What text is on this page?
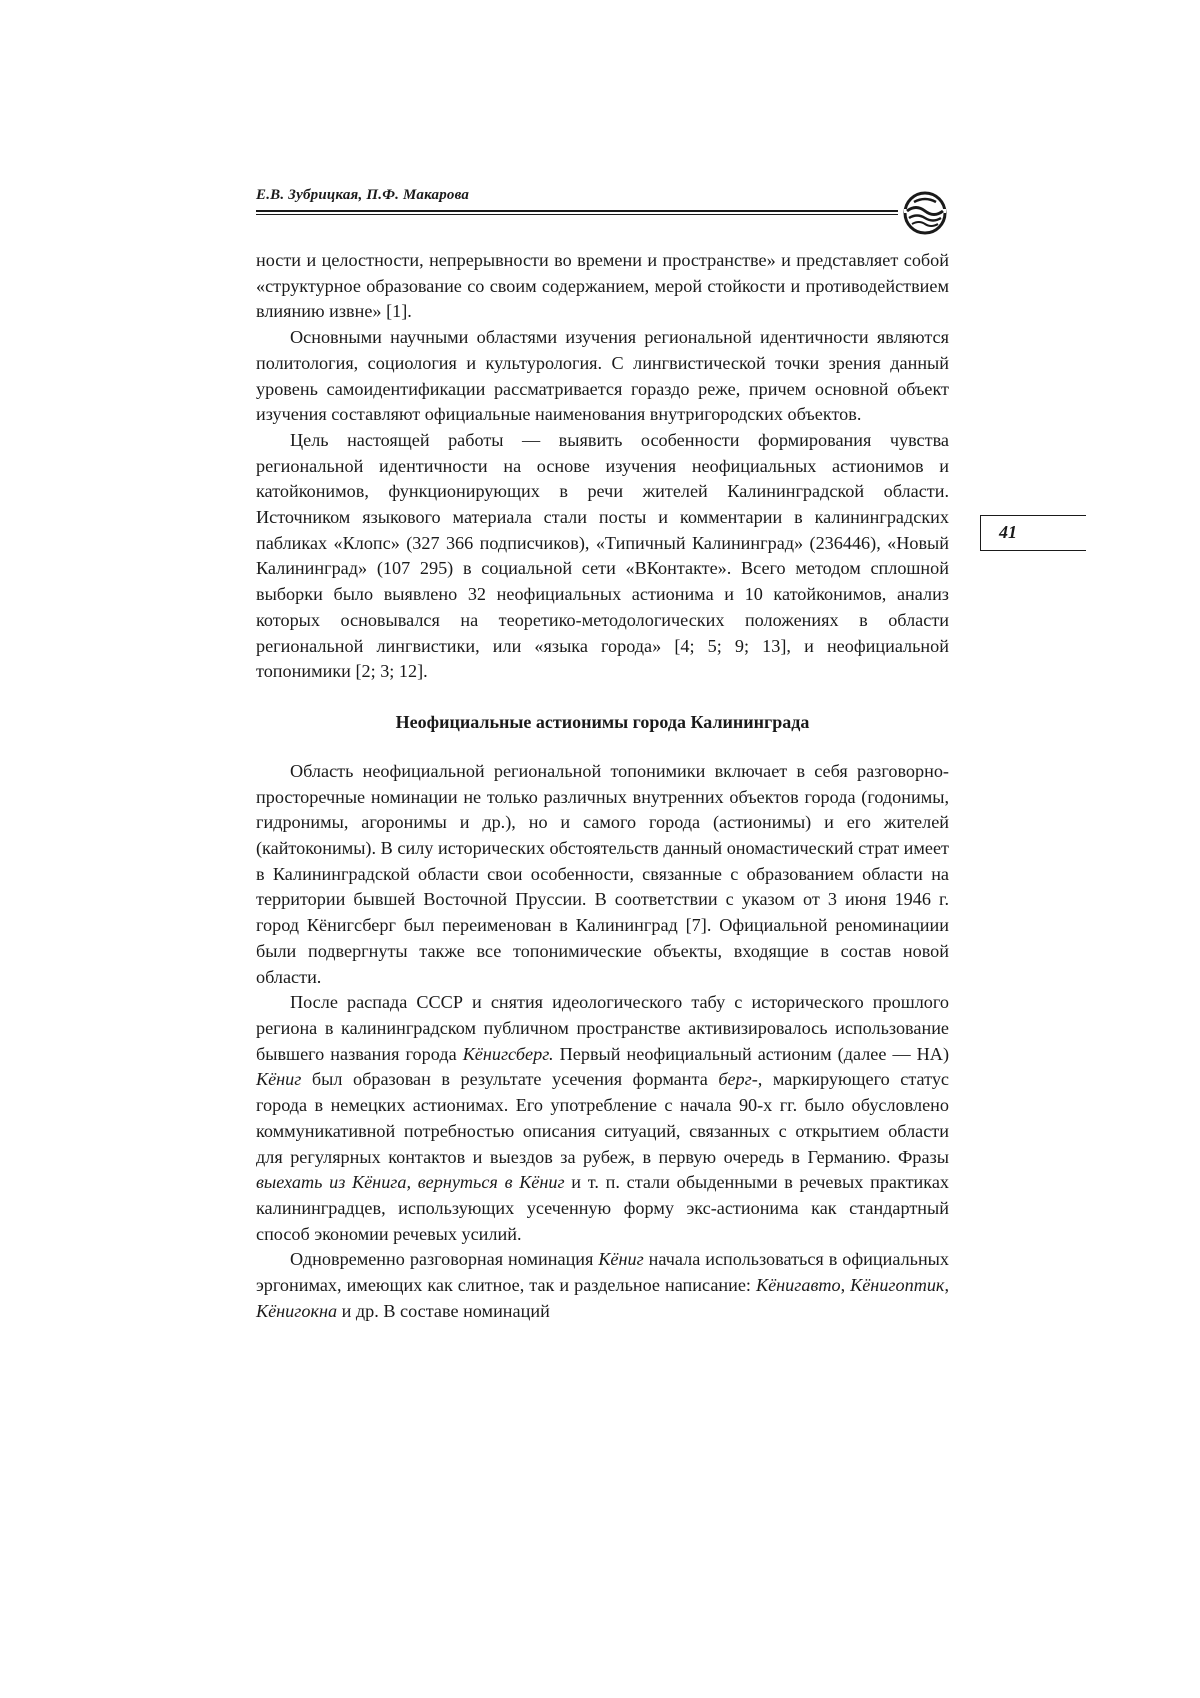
Е.В. Зубрицкая, П.Ф. Макарова
41

ности и целостности, непрерывности во времени и пространстве» и представляет собой «структурное образование со своим содержанием, мерой стойкости и противодействием влиянию извне» [1].

Основными научными областями изучения региональной идентичности являются политология, социология и культурология. С лингвистической точки зрения данный уровень самоидентификации рассматривается гораздо реже, причем основной объект изучения составляют официальные наименования внутригородских объектов.

Цель настоящей работы — выявить особенности формирования чувства региональной идентичности на основе изучения неофициальных астионимов и катойконимов, функционирующих в речи жителей Калининградской области. Источником языкового материала стали посты и комментарии в калининградских пабликах «Клопс» (327 366 подписчиков), «Типичный Калининград» (236446), «Новый Калининград» (107 295) в социальной сети «ВКонтакте». Всего методом сплошной выборки было выявлено 32 неофициальных астионима и 10 катойконимов, анализ которых основывался на теоретико-методологических положениях в области региональной лингвистики, или «языка города» [4; 5; 9; 13], и неофициальной топонимики [2; 3; 12].

Неофициальные астионимы города Калининграда

Область неофициальной региональной топонимики включает в себя разговорно-просторечные номинации не только различных внутренних объектов города (годонимы, гидронимы, агоронимы и др.), но и самого города (астионимы) и его жителей (кайтоконимы). В силу исторических обстоятельств данный ономастический страт имеет в Калининградской области свои особенности, связанные с образованием области на территории бывшей Восточной Пруссии. В соответствии с указом от 3 июня 1946 г. город Кёнигсберг был переименован в Калининград [7]. Официальной реноминациии были подвергнуты также все топонимические объекты, входящие в состав новой области.

После распада СССР и снятия идеологического табу с исторического прошлого региона в калининградском публичном пространстве активизировалось использование бывшего названия города Кёнигсберг. Первый неофициальный астионим (далее — НА) Кёниг был образован в результате усечения форманта берг-, маркирующего статус города в немецких астионимах. Его употребление с начала 90-х гг. было обусловлено коммуникативной потребностью описания ситуаций, связанных с открытием области для регулярных контактов и выездов за рубеж, в первую очередь в Германию. Фразы выехать из Кёнига, вернуться в Кёниг и т. п. стали обыденными в речевых практиках калининградцев, использующих усеченную форму экс-астионима как стандартный способ экономии речевых усилий.

Одновременно разговорная номинация Кёниг начала использоваться в официальных эргонимах, имеющих как слитное, так и раздельное написание: Кёнигавто, Кёнигоптик, Кёнигокна и др. В составе номинаций
